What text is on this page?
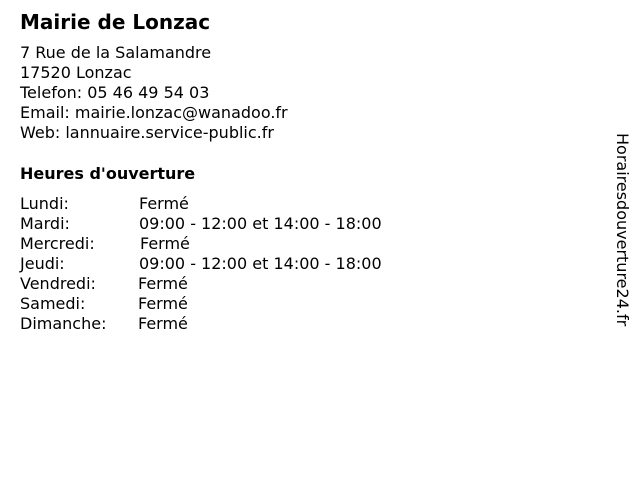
Mairie de Lonzac
7 Rue de la Salamandre
17520 Lonzac
Telefon: 05 46 49 54 03
Email: mairie.lonzac@wanadoo.fr
Web: lannuaire.service-public.fr
Heures d'ouverture
Lundi:	Fermé
Mardi:	09:00 - 12:00 et 14:00 - 18:00
Mercredi:	Fermé
Jeudi:	09:00 - 12:00 et 14:00 - 18:00
Vendredi:	Fermé
Samedi:	Fermé
Dimanche: Fermé	Horairesdouverture24.fr
